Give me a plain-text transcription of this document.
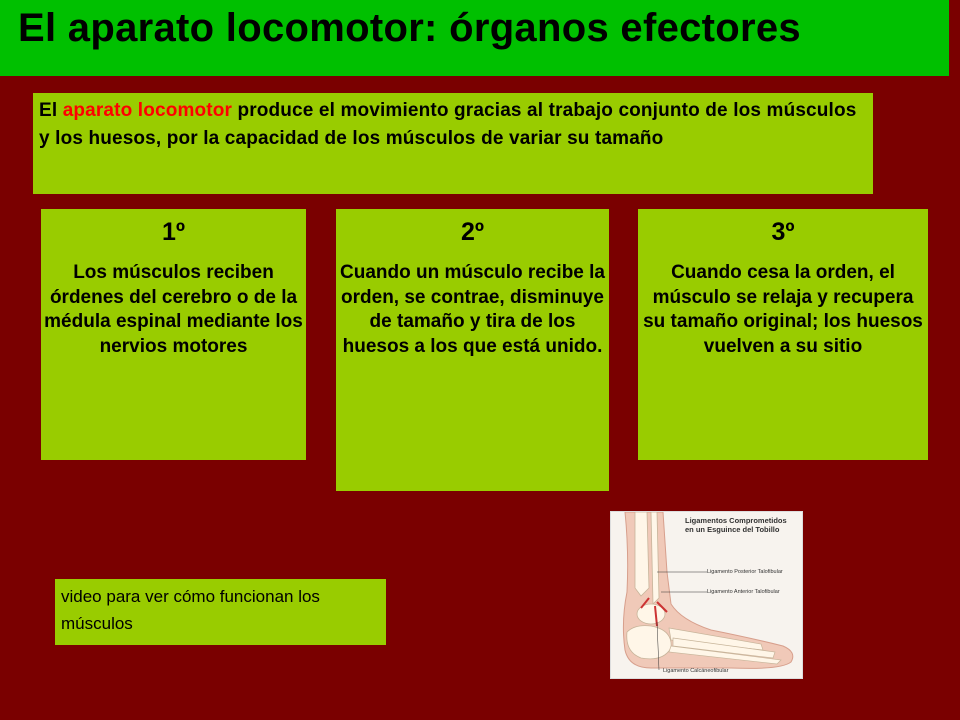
El aparato locomotor: órganos efectores
El aparato locomotor produce el movimiento gracias al trabajo conjunto de los músculos y los huesos, por la capacidad de los músculos de variar su tamaño
1º
Los músculos reciben órdenes del cerebro o de la médula espinal mediante los nervios motores
2º
Cuando un músculo recibe la orden, se contrae, disminuye de tamaño y tira de los huesos a los que está unido.
3º
Cuando cesa la orden, el músculo se relaja y recupera su tamaño original; los huesos vuelven a su sitio
video para ver cómo funcionan los músculos
Ligamentos Comprometidos en un Esguince del Tobillo
Ligamento Posterior Talofibular
Ligamento Anterior Talofibular
Ligamento Calcáneofibular
